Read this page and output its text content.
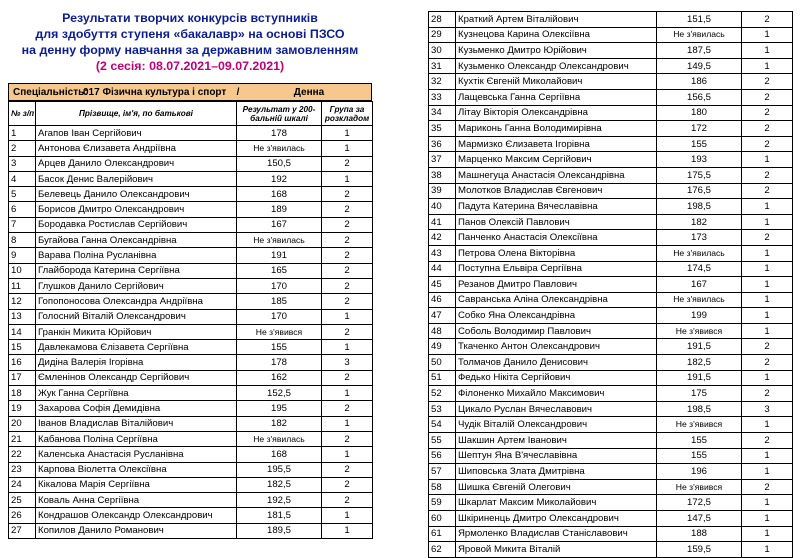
Результати творчих конкурсів вступників
для здобуття ступеня «бакалавр» на основі ПЗСО
на денну форму навчання за державним замовленням
(2 сесія: 08.07.2021–09.07.2021)
Спеціальність:
017 Фізична культура і спорт	/	Денна
№ з/п	Прізвище, ім'я, по батькові	Результат у 200-бальній шкалі	Група за розкладом
1	Агапов Іван Сергійович	178	1
2	Антонова Єлизавета Андріївна	Не з'явилась	1
3	Арцев Данило Олександрович	150,5	2
4	Басок Денис Валерійович	192	1
5	Белевець Данило Олександрович	168	2
6	Борисов Дмитро Олександрович	189	2
7	Бородавка Ростислав Сергійович	167	2
8	Бугайова Ганна Олександрівна	Не з'явилась	2
9	Варава Поліна Русланівна	191	2
10	Глайборода Катерина Сергіївна	165	2
11	Глушков Данило Сергійович	170	2
12	Гопопоносова Олександра Андріївна	185	2
13	Голосний Віталій Олександрович	170	1
14	Гранкін Микита Юрійович	Не з'явився	2
15	Давлекамова Єлізавета Сергіївна	155	1
16	Дидіна Валерія Ігорівна	178	3
17	Ємленінов Олександр Сергійович	162	2
18	Жук Ганна Сергіївна	152,5	1
19	Захарова Софія Демидівна	195	2
20	Іванов Владислав Віталійович	182	1
21	Кабанова Поліна Сергіївна	Не з'явилась	2
22	Каленська Анастасія Русланівна	168	1
23	Карпова Віолетта Олексіївна	195,5	2
24	Кікалова Марія Сергіївна	182,5	2
25	Коваль Анна Сергіївна	192,5	2
26	Кондрашов Олександр Олександрович	181,5	1
27	Копилов Данило Романович	189,5	1
28	Краткий Артем Віталійович	151,5	2
29	Кузнецова Карина Олексіївна	Не з'явилась	1
30	Кузьменко Дмитро Юрійович	187,5	1
31	Кузьменко Олександр Олександрович	149,5	1
32	Кухтік Євгеній Миколайович	186	2
33	Лащевська Ганна Сергіївна	156,5	2
34	Літау Вікторія Олександрівна	180	2
35	Марикoнь Ганна Володимирівна	172	2
36	Мармизко Єлизавета Ігорівна	155	2
37	Марценко Максим Сергійович	193	1
38	Машнегуца Анастасія Олександрівна	175,5	2
39	Молотков Владислав Євгенович	176,5	2
40	Падута Катерина Вячеславівна	198,5	1
41	Панов Олексій Павлович	182	1
42	Панченко Анастасія Олексіївна	173	2
43	Петрова Олена Вікторівна	Не з'явилась	1
44	Поступна Ельвіра Сергіївна	174,5	1
45	Резанов Дмитро Павлович	167	1
46	Савранська Аліна Олександрівна	Не з'явилась	1
47	Собко Яна Олександрівна	199	1
48	Соболь Володимир Павлович	Не з'явився	1
49	Ткаченко Антон Олександрович	191,5	2
50	Толмачов Данило Денисович	182,5	2
51	Федько Нікіта Сергійович	191,5	1
52	Філоненко Михайло Максимович	175	2
53	Цикало Руслан Вячеславович	198,5	3
54	Чудік Віталій Олександрович	Не з'явився	1
55	Шакшин Артем Іванович	155	2
56	Шептун Яна В'ячеславівна	155	1
57	Шиповська Злата Дмитрівна	196	1
58	Шишка Євгеній Олегович	Не з'явився	2
59	Шкарлат Максим Миколайович	172,5	1
60	Шкіриненць Дмитро Олександрович	147,5	1
61	Ярмоленко Владислав Станіславович	188	1
62	Яровой Микита Віталій	159,5	1
